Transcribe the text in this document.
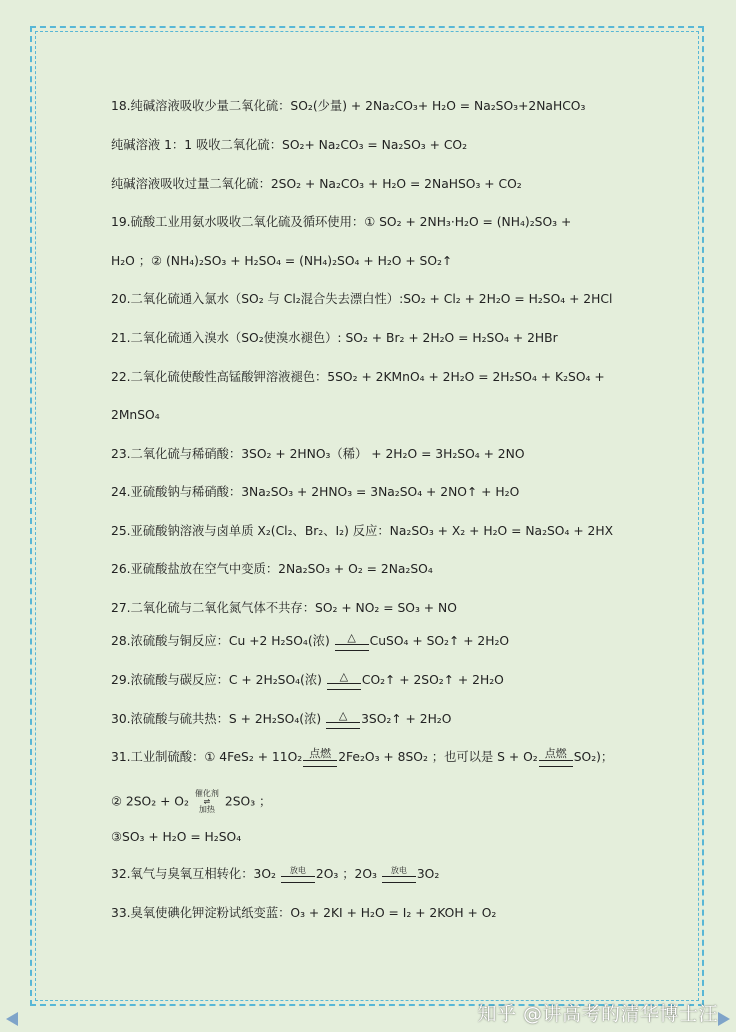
18.纯碱溶液吸收少量二氧化硫：SO₂(少量) + 2Na₂CO₃+ H₂O = Na₂SO₃+2NaHCO₃
纯碱溶液 1：1 吸收二氧化硫：SO₂+ Na₂CO₃ = Na₂SO₃ + CO₂
纯碱溶液吸收过量二氧化硫：2SO₂ + Na₂CO₃ + H₂O = 2NaHSO₃ + CO₂
19.硫酸工业用氨水吸收二氧化硫及循环使用：① SO₂ + 2NH₃·H₂O = (NH₄)₂SO₃ +
H₂O ；② (NH₄)₂SO₃ + H₂SO₄ = (NH₄)₂SO₄ + H₂O + SO₂↑
20.二氧化硫通入氯水（SO₂ 与 Cl₂混合失去漂白性）:SO₂ + Cl₂ + 2H₂O = H₂SO₄ + 2HCl
21.二氧化硫通入溴水（SO₂使溴水褪色）: SO₂ + Br₂ + 2H₂O = H₂SO₄ + 2HBr
22.二氧化硫使酸性高锰酸钾溶液褪色：5SO₂ + 2KMnO₄ + 2H₂O = 2H₂SO₄ + K₂SO₄ +
2MnSO₄
23.二氧化硫与稀硝酸：3SO₂ + 2HNO₃（稀） + 2H₂O = 3H₂SO₄ + 2NO
24.亚硫酸钠与稀硝酸：3Na₂SO₃ + 2HNO₃ = 3Na₂SO₄ + 2NO↑ + H₂O
25.亚硫酸钠溶液与卤单质 X₂(Cl₂、Br₂、I₂) 反应：Na₂SO₃ + X₂ + H₂O = Na₂SO₄ + 2HX
26.亚硫酸盐放在空气中变质：2Na₂SO₃ + O₂ = 2Na₂SO₄
27.二氧化硫与二氧化氮气体不共存：SO₂ + NO₂ = SO₃ + NO
28.浓硫酸与铜反应：Cu +2 H₂SO₄(浓)	△	CuSO₄ + SO₂↑ + 2H₂O
29.浓硫酸与碳反应：C + 2H₂SO₄(浓)	△	CO₂↑ + 2SO₂↑ + 2H₂O
30.浓硫酸与硫共热：S + 2H₂SO₄(浓)	△	3SO₂↑ + 2H₂O
31.工业制硫酸：① 4FeS₂ + 11O₂ 点燃 2Fe₂O₃ + 8SO₂ ；也可以是 S + O₂ 点燃 SO₂)；
② 2SO₂ + O₂
催化剂
⇌
加热
2SO₃ ；
③SO₃ + H₂O = H₂SO₄
32.氧气与臭氧互相转化：3O₂	放电 2O₃ ；2O₃	放电 3O₂
33.臭氧使碘化钾淀粉试纸变蓝：O₃ + 2KI + H₂O = I₂ + 2KOH + O₂
知乎 @讲高考的清华博士汪
